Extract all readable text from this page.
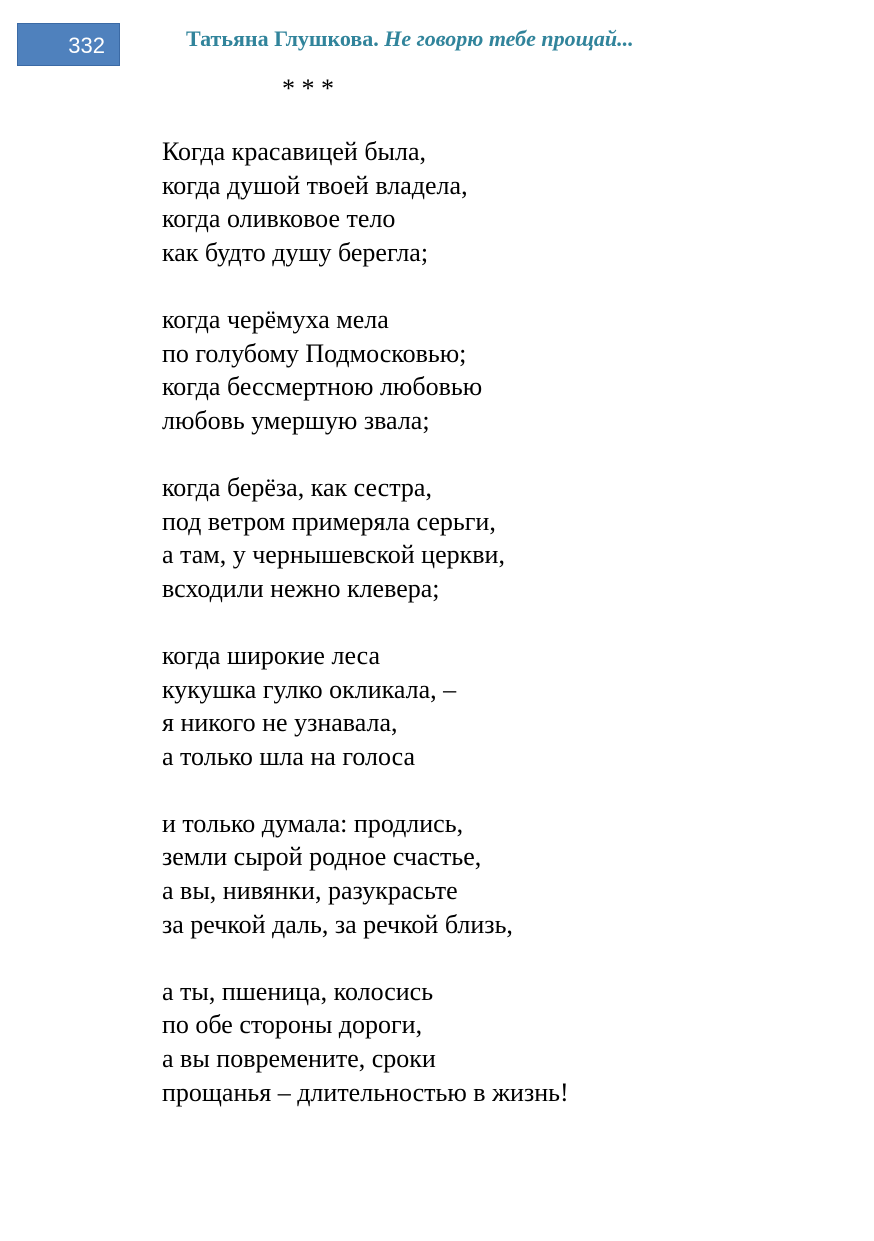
332	Татьяна Глушкова. Не говорю тебе прощай...
* * *
Когда красавицей была,
когда душой твоей владела,
когда оливковое тело
как будто душу берегла;
когда черёмуха мела
по голубому Подмосковью;
когда бессмертною любовью
любовь умершую звала;
когда берёза, как сестра,
под ветром примеряла серьги,
а там, у чернышевской церкви,
всходили нежно клевера;
когда широкие леса
кукушка гулко окликала, –
я никого не узнавала,
а только шла на голоса
и только думала: продлись,
земли сырой родное счастье,
а вы, нивянки, разукрасьте
за речкой даль, за речкой близь,
а ты, пшеница, колосись
по обе стороны дороги,
а вы повремените, сроки
прощанья – длительностью в жизнь!
